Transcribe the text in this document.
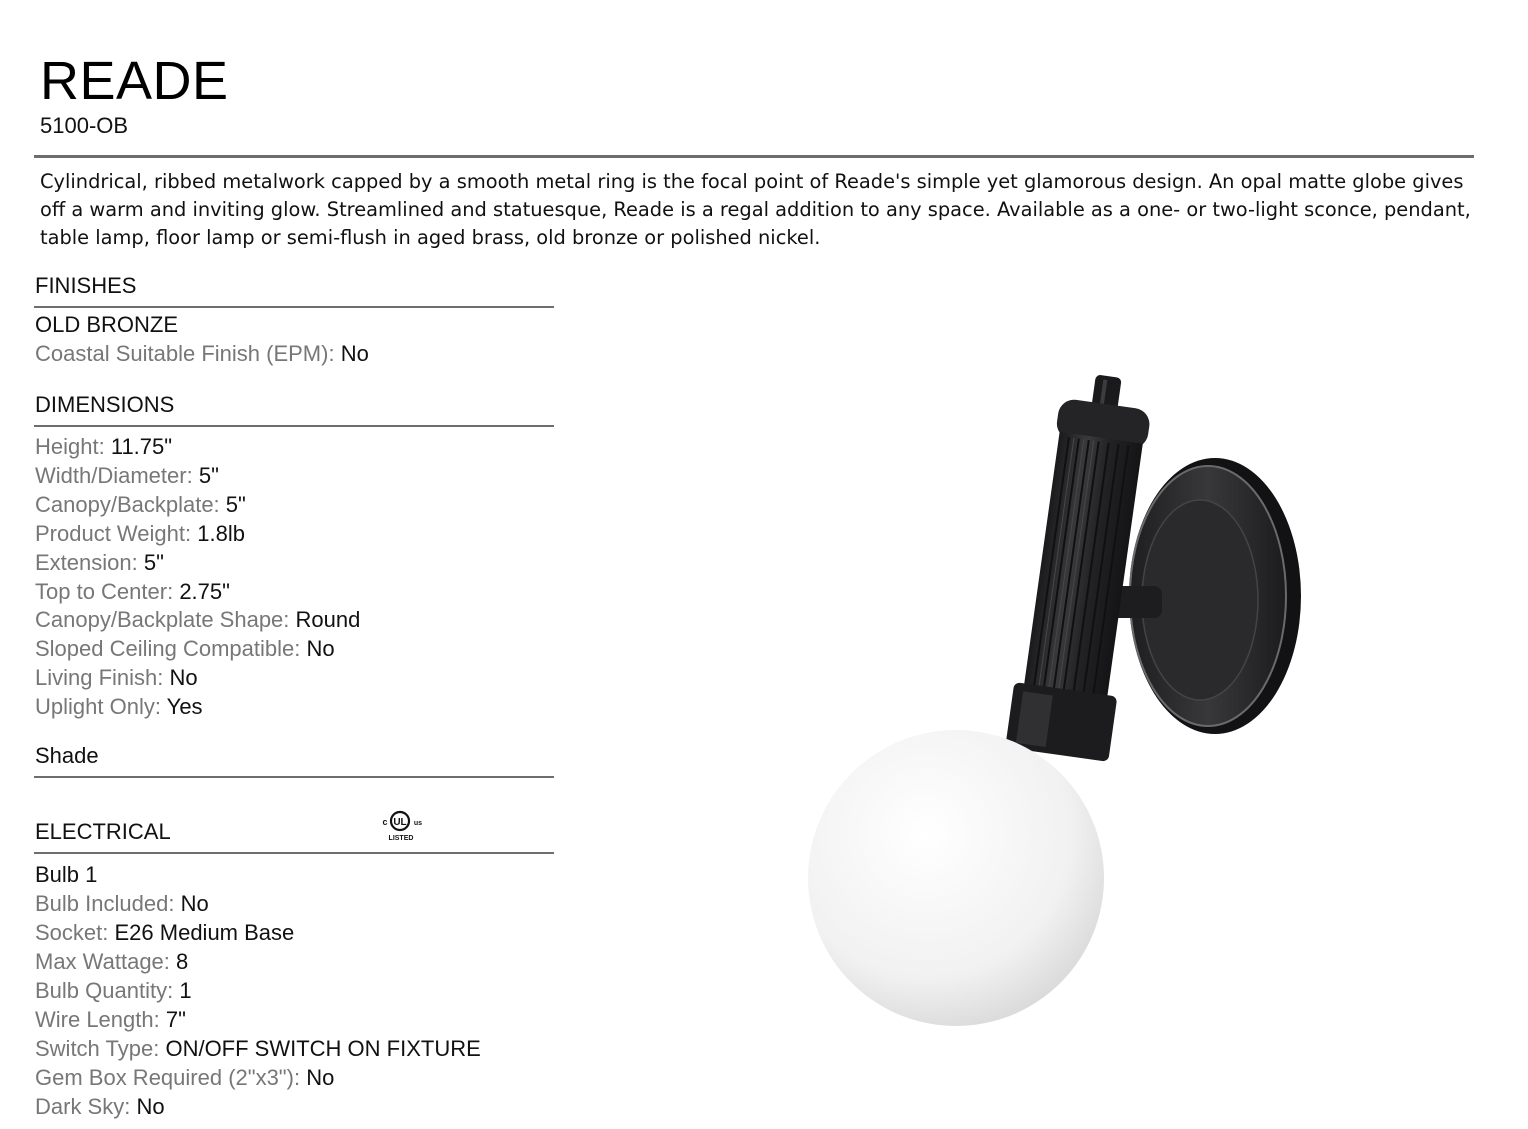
READE
5100-OB
Cylindrical, ribbed metalwork capped by a smooth metal ring is the focal point of Reade's simple yet glamorous design. An opal matte globe gives off a warm and inviting glow. Streamlined and statuesque, Reade is a regal addition to any space. Available as a one- or two-light sconce, pendant, table lamp, floor lamp or semi-flush in aged brass, old bronze or polished nickel.
FINISHES
OLD BRONZE
Coastal Suitable Finish (EPM): No
DIMENSIONS
Height: 11.75"
Width/Diameter: 5"
Canopy/Backplate: 5"
Product Weight: 1.8lb
Extension: 5"
Top to Center: 2.75"
Canopy/Backplate Shape: Round
Sloped Ceiling Compatible: No
Living Finish: No
Uplight Only: Yes
Shade
ELECTRICAL	UL
c	us
LISTED
Bulb 1
Bulb Included: No
Socket: E26 Medium Base
Max Wattage: 8
Bulb Quantity: 1
Wire Length: 7"
Switch Type: ON/OFF SWITCH ON FIXTURE
Gem Box Required (2"x3"): No
Dark Sky: No
